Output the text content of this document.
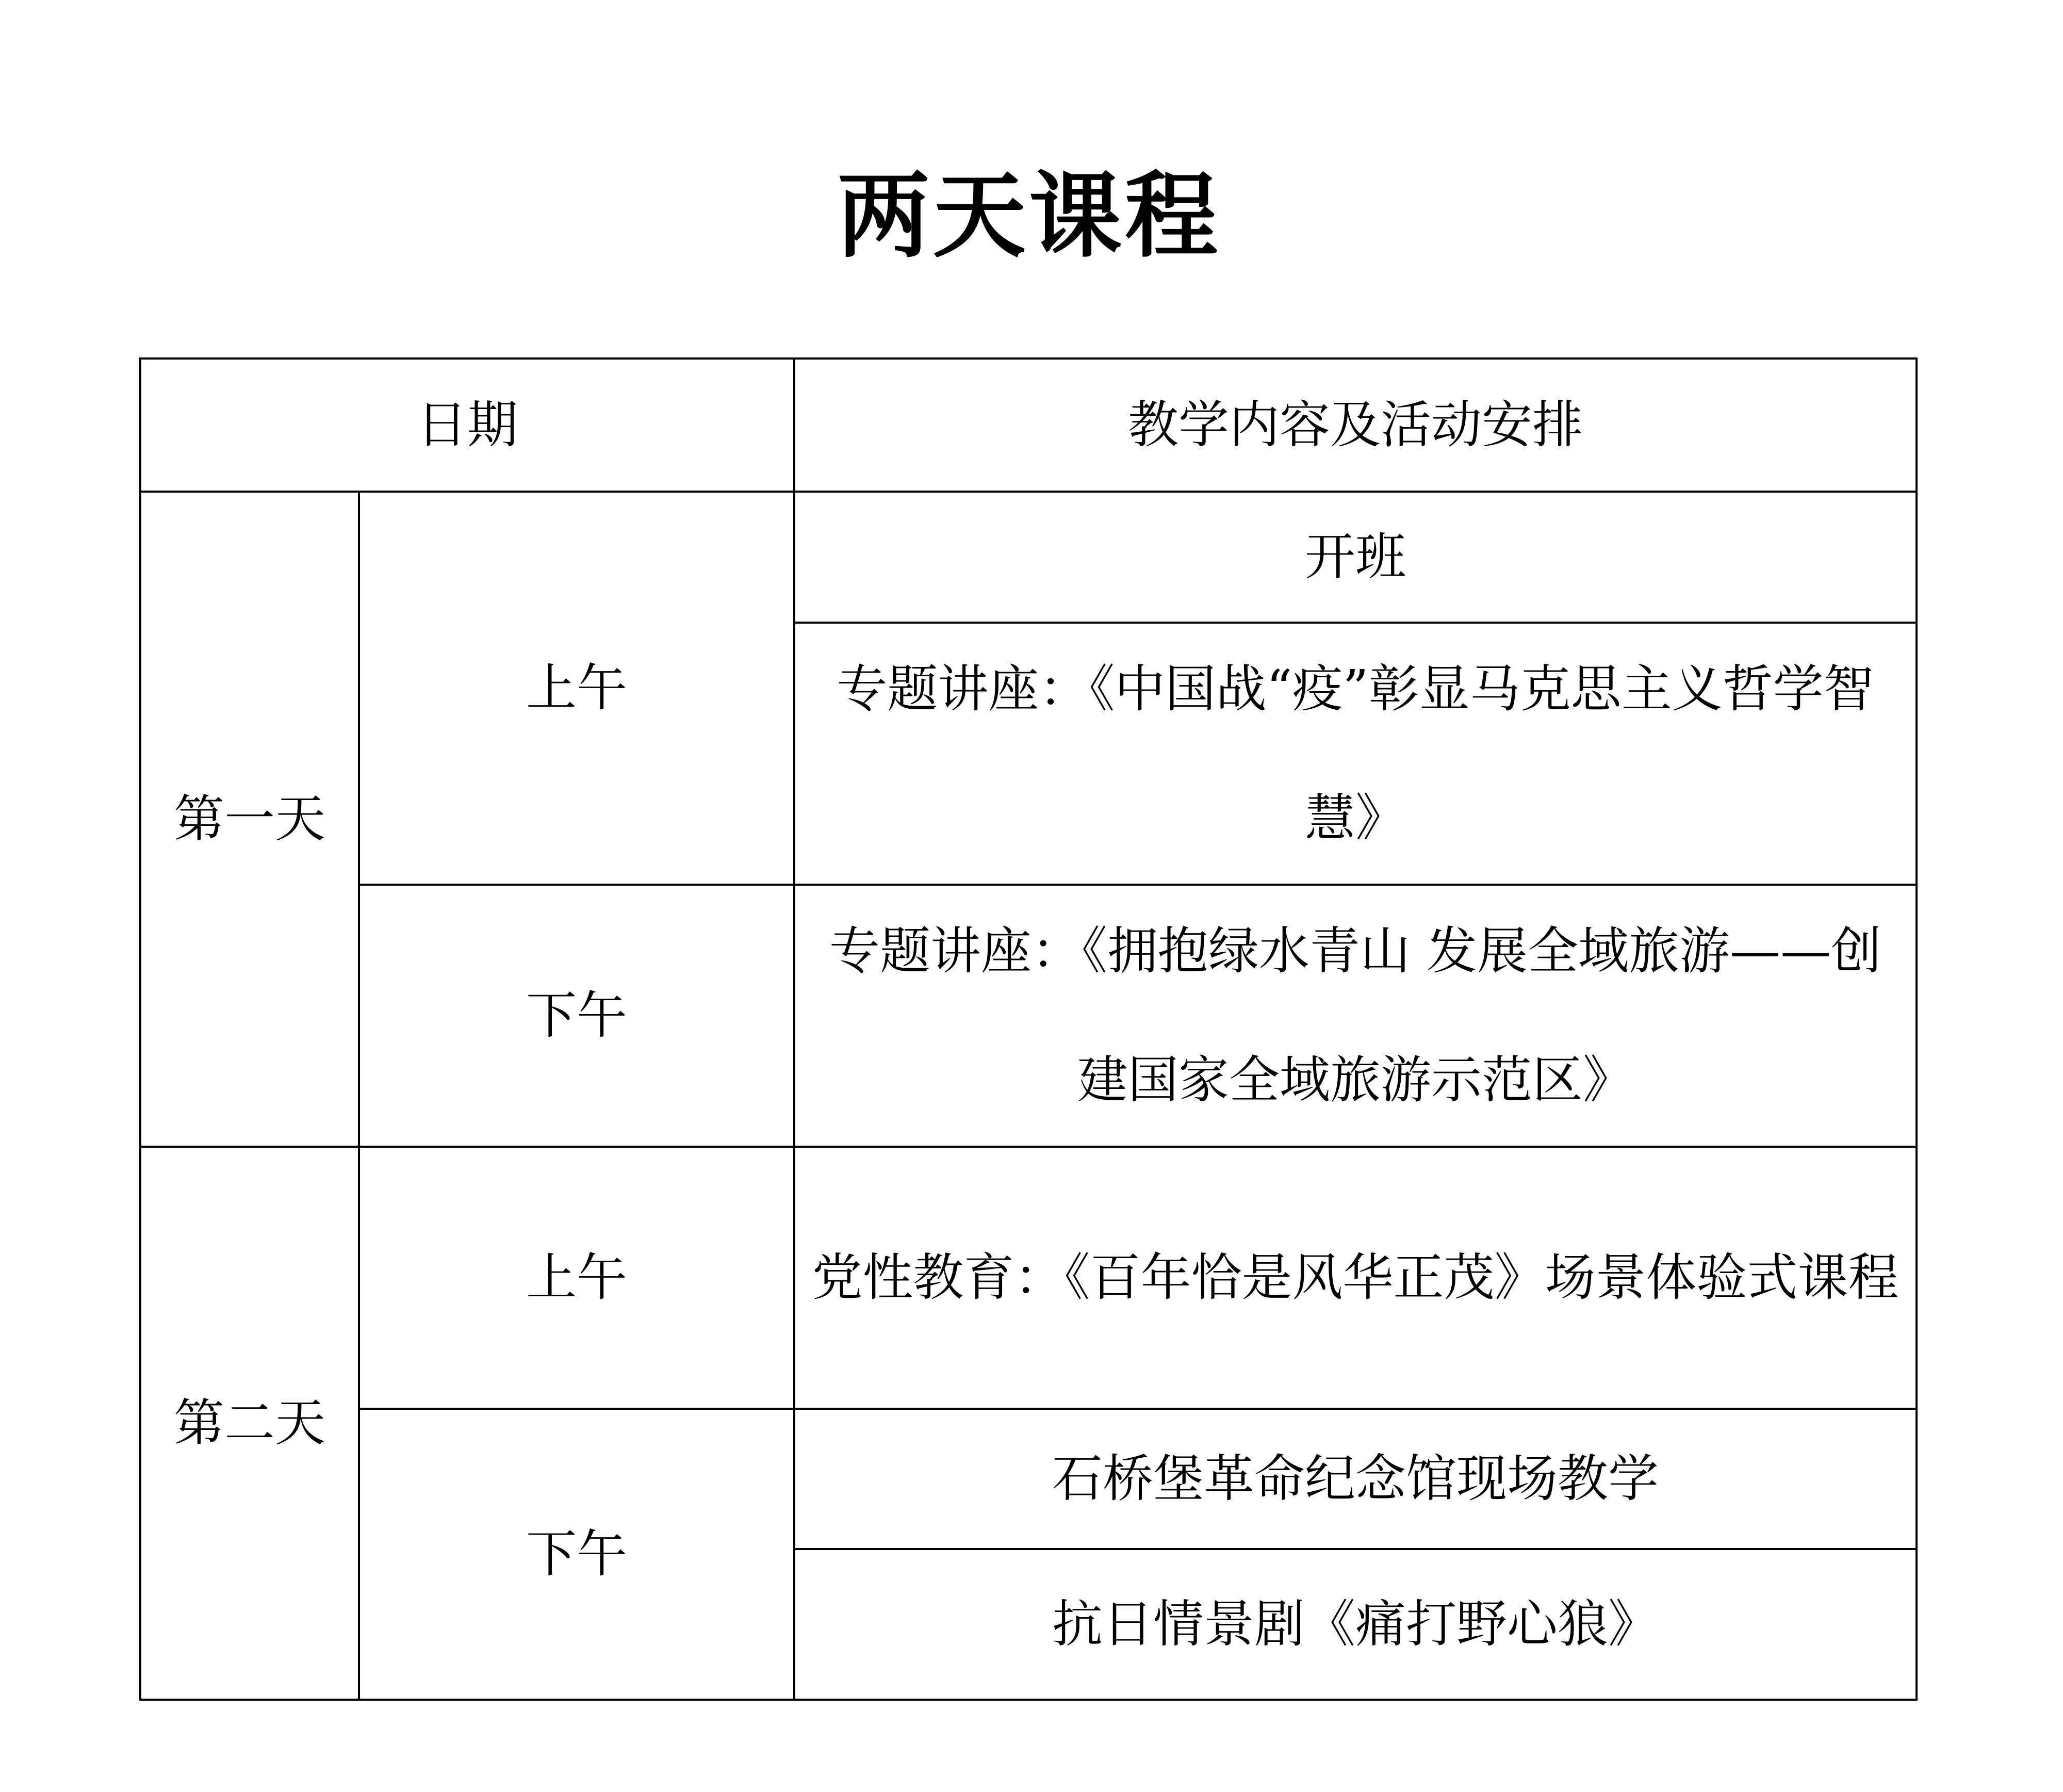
两天课程
日期		教学内容及活动安排
第一天	上午	开班
		专题讲座：《中国战“疫”彰显马克思主义哲学智慧》
	下午	专题讲座：《拥抱绿水青山 发展全域旅游——创建国家全域旅游示范区》
第二天	上午	党性教育：《百年恰是风华正茂》场景体验式课程
	下午	石桥堡革命纪念馆现场教学
		抗日情景剧《痛打野心狼》
